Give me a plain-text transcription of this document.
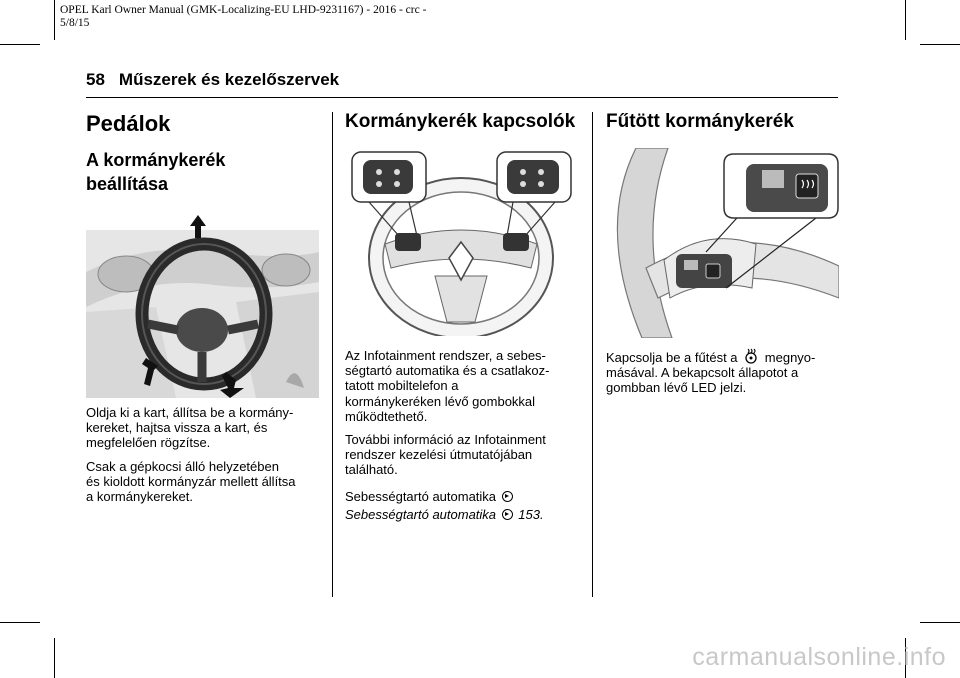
OPEL Karl Owner Manual (GMK-Localizing-EU LHD-9231167) - 2016 - crc -
5/8/15
58 Műszerek és kezelőszervek
Pedálok
A kormánykerék
beállítása
Oldja ki a kart, állítsa be a kormány-
kereket, hajtsa vissza a kart, és
megfelelően rögzítse.
Csak a gépkocsi álló helyzetében
és kioldott kormányzár mellett állítsa
a kormánykereket.
Kormánykerék kapcsolók
Az Infotainment rendszer, a sebes-
ségtartó automatika és a csatlakoz-
tatott mobiltelefon a
kormánykeréken lévő gombokkal
működtethető.
További információ az Infotainment
rendszer kezelési útmutatójában
található.
Sebességtartó automatika
Sebességtartó automatika 153.
Fűtött kormánykerék
Kapcsolja be a fűtést a megnyo-
másával. A bekapcsolt állapotot a
gombban lévő LED jelzi.
carmanualsonline.info
